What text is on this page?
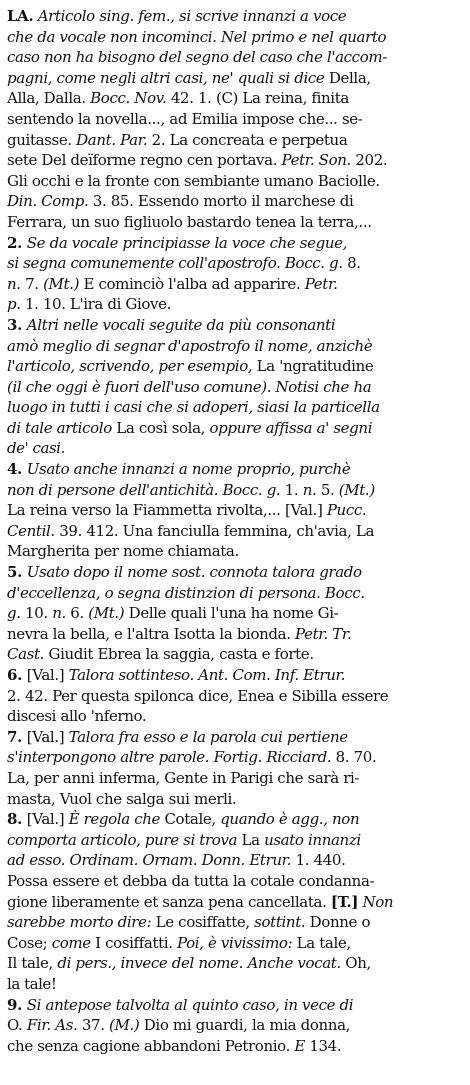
LA. Articolo sing. fem., si scrive innanzi a voce
che da vocale non incominci. Nel primo e nel quarto
caso non ha bisogno del segno del caso che l'accom-
pagni, come negli altri casi, ne' quali si dice Della,
Alla, Dalla. Bocc. Nov. 42. 1. (C) La reina, finita
sentendo la novella..., ad Emilia impose che... se-
guitasse. Dant. Par. 2. La concreata e perpetua
sete Del deïforme regno cen portava. Petr. Son. 202.
Gli occhi e la fronte con sembiante umano Baciolle.
Din. Comp. 3. 85. Essendo morto il marchese di
Ferrara, un suo figliuolo bastardo tenea la terra,...
2. Se da vocale principiasse la voce che segue,
si segna comunemente coll'apostrofo. Bocc. g. 8.
n. 7. (Mt.) E cominciò l'alba ad apparire. Petr.
p. 1. 10. L'ira di Giove.
3. Altri nelle vocali seguite da più consonanti
amò meglio di segnar d'apostrofo il nome, anzichè
l'articolo, scrivendo, per esempio, La 'ngratitudine
(il che oggi è fuori dell'uso comune). Notisi che ha
luogo in tutti i casi che si adoperi, siasi la particella
di tale articolo La così sola, oppure affissa a' segni
de' casi.
4. Usato anche innanzi a nome proprio, purchè
non di persone dell'antichità. Bocc. g. 1. n. 5. (Mt.)
La reina verso la Fiammetta rivolta,... [Val.] Pucc.
Centil. 39. 412. Una fanciulla femmina, ch'avia, La
Margherita per nome chiamata.
5. Usato dopo il nome sost. connota talora grado
d'eccellenza, o segna distinzion di persona. Bocc.
g. 10. n. 6. (Mt.) Delle quali l'una ha nome Gi-
nevra la bella, e l'altra Isotta la bionda. Petr. Tr.
Cast. Giudit Ebrea la saggia, casta e forte.
6. [Val.] Talora sottinteso. Ant. Com. Inf. Etrur.
2. 42. Per questa spilonca dice, Enea e Sibilla essere
discesi allo 'nferno.
7. [Val.] Talora fra esso e la parola cui pertiene
s'interpongono altre parole. Fortig. Ricciard. 8. 70.
La, per anni inferma, Gente in Parigi che sarà ri-
masta, Vuol che salga sui merli.
8. [Val.] È regola che Cotale, quando è agg., non
comporta articolo, pure si trova La usato innanzi
ad esso. Ordinam. Ornam. Donn. Etrur. 1. 440.
Possa essere et debba da tutta la cotale condanna-
gione liberamente et sanza pena cancellata. [T.] Non
sarebbe morto dire: Le cosiffatte, sottint. Donne o
Cose; come I cosiffatti. Poi, è vivissimo: La tale,
Il tale, di pers., invece del nome. Anche vocat. Oh,
la tale!
9. Si antepose talvolta al quinto caso, in vece di
O. Fir. As. 37. (M.) Dio mi guardi, la mia donna,
che senza cagione abbandoni Petronio. E 134.
